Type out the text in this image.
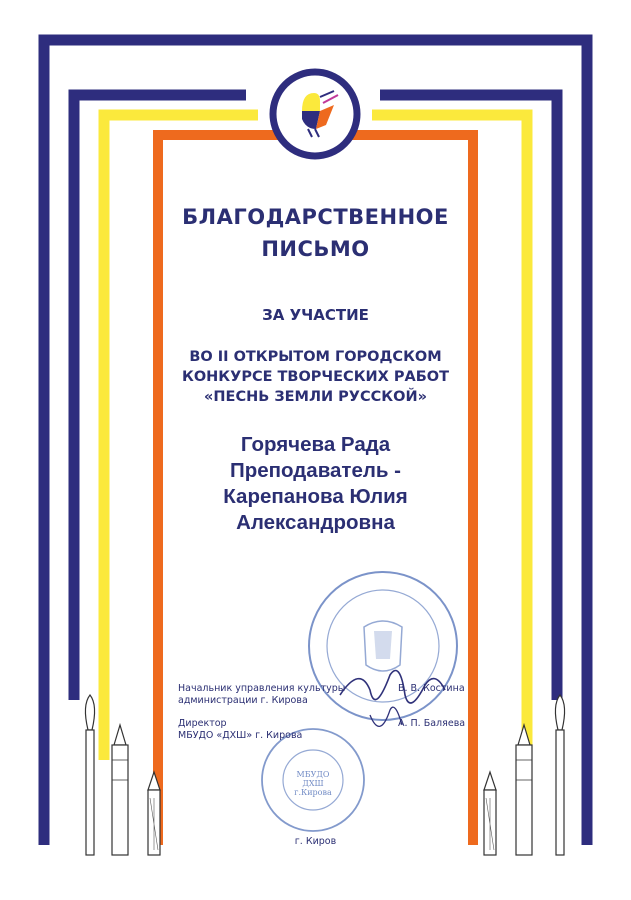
БЛАГОДАРСТВЕННОЕ
ПИСЬМО
ЗА УЧАСТИЕ
ВО II ОТКРЫТОМ ГОРОДСКОМ
КОНКУРСЕ ТВОРЧЕСКИХ РАБОТ
«ПЕСНЬ ЗЕМЛИ РУССКОЙ»
Горячева Рада
Преподаватель -
Карепанова Юлия
Александровна
МБУДО ДХШ г.Кирова
Начальник управления культуры
администрации г. Кирова
В. В. Костина
Директор
МБУДО «ДХШ» г. Кирова
А. П. Баляева
г. Киров
